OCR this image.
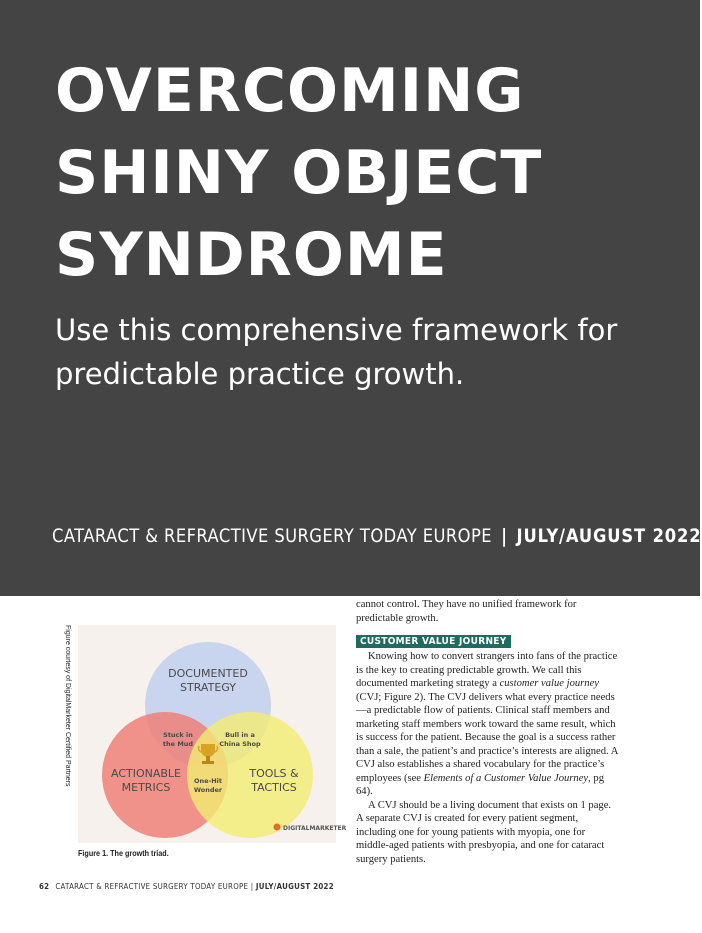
OVERCOMING
SHINY OBJECT
SYNDROME
Use this comprehensive framework for
predictable practice growth.
CATARACT & REFRACTIVE SURGERY TODAY EUROPE | JULY/AUGUST 2022

cannot control. They have no unified framework for

predictable growth.

CUSTOMER VALUE JOURNEY

Knowing how to convert strangers into fans of the practice is the key to creating predictable growth. We call this documented marketing strategy a customer value journey (CVJ; Figure 2). The CVJ delivers what every practice needs—a predictable flow of patients. Clinical staff members and marketing staff members work toward the same result, which is success for the patient. Because the goal is a success rather than a sale, the patient’s and practice’s interests are aligned. A CVJ also establishes a shared vocabulary for the practice’s employees (see Elements of a Customer Value Journey, pg 64).

A CVJ should be a living document that exists on 1 page. A separate CVJ is created for every patient segment, including one for young patients with myopia, one for middle-aged patients with presbyopia, and one for cataract surgery patients.

Figure courtesy of DigitalMarketer Certified Partners	DOCUMENTED
STRATEGY
ACTIONABLE
METRICS
TOOLS &
TACTICS
Stuck in
the Mud
Bull in a
China Shop
One-Hit
Wonder
DIGITALMARKETER
Figure 1. The growth triad.
62 CATARACT & REFRACTIVE SURGERY TODAY EUROPE | JULY/AUGUST 2022
